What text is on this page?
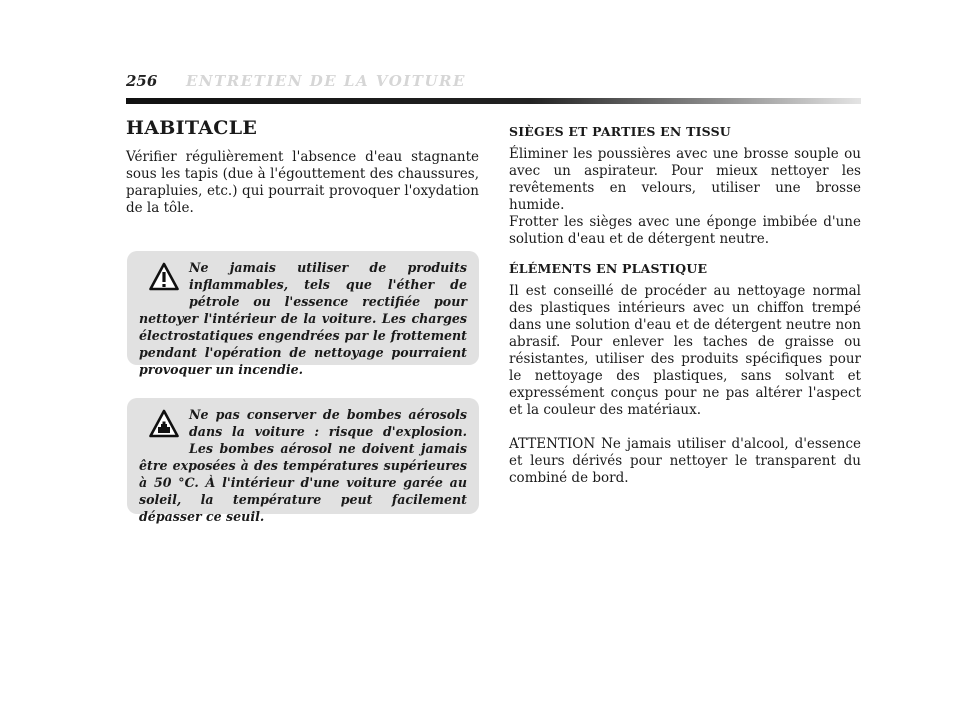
256 ENTRETIEN DE LA VOITURE
HABITACLE

Vérifier régulièrement l'absence d'eau stagnante sous les tapis (due à l'égouttement des chaussures, parapluies, etc.) qui pourrait provoquer l'oxydation de la tôle.

Ne jamais utiliser de produits inflammables, tels que l'éther de pétrole ou l'essence rectifiée pour nettoyer l'intérieur de la voiture. Les charges électrostatiques engendrées par le frottement pendant l'opération de nettoyage pourraient provoquer un incendie.

Ne pas conserver de bombes aérosols dans la voiture : risque d'explosion. Les bombes aérosol ne doivent jamais être exposées à des températures supérieures à 50 °C. À l'intérieur d'une voiture garée au soleil, la température peut facilement dépasser ce seuil.

SIÈGES ET PARTIES EN TISSU

Éliminer les poussières avec une brosse souple ou avec un aspirateur. Pour mieux nettoyer les revêtements en velours, utiliser une brosse humide.

Frotter les sièges avec une éponge imbibée d'une solution d'eau et de détergent neutre.

ÉLÉMENTS EN PLASTIQUE

Il est conseillé de procéder au nettoyage normal des plastiques intérieurs avec un chiffon trempé dans une solution d'eau et de détergent neutre non abrasif. Pour enlever les taches de graisse ou résistantes, utiliser des produits spécifiques pour le nettoyage des plastiques, sans solvant et expressément conçus pour ne pas altérer l'aspect et la couleur des matériaux.

ATTENTION Ne jamais utiliser d'alcool, d'essence et leurs dérivés pour nettoyer le transparent du combiné de bord.
